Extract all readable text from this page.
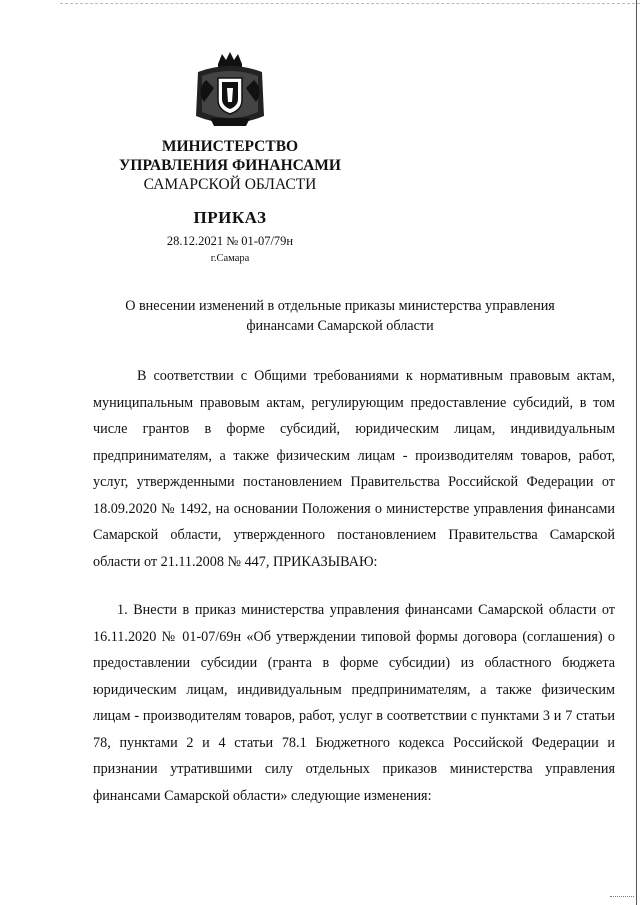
МИНИСТЕРСТВО
УПРАВЛЕНИЯ ФИНАНСАМИ
САМАРСКОЙ ОБЛАСТИ
ПРИКАЗ
28.12.2021 № 01-07/79н
г.Самара
О внесении изменений в отдельные приказы министерства управления
финансами Самарской области

В соответствии с Общими требованиями к нормативным правовым актам, муниципальным правовым актам, регулирующим предоставление субсидий, в том числе грантов в форме субсидий, юридическим лицам, индивидуальным предпринимателям, а также физическим лицам - производителям товаров, работ, услуг, утвержденными постановлением Правительства Российской Федерации от 18.09.2020 № 1492, на основании Положения о министерстве управления финансами Самарской области, утвержденного постановлением Правительства Самарской области от 21.11.2008 № 447, ПРИКАЗЫВАЮ:

1. Внести в приказ министерства управления финансами Самарской области от 16.11.2020 № 01-07/69н «Об утверждении типовой формы договора (соглашения) о предоставлении субсидии (гранта в форме субсидии) из областного бюджета юридическим лицам, индивидуальным предпринимателям, а также физическим лицам - производителям товаров, работ, услуг в соответствии с пунктами 3 и 7 статьи 78, пунктами 2 и 4 статьи 78.1 Бюджетного кодекса Российской Федерации и признании утратившими силу отдельных приказов министерства управления финансами Самарской области» следующие изменения:
